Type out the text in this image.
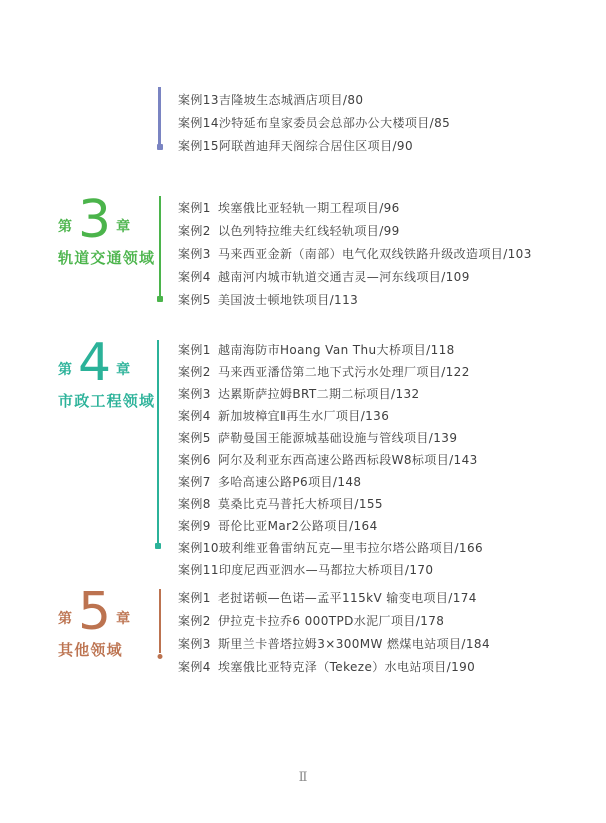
案例13 吉隆坡生态城酒店项目/80
案例14 沙特延布皇家委员会总部办公大楼项目/85
案例15 阿联酋迪拜天阁综合居住区项目/90
第 3 章
轨道交通领域
案例1 埃塞俄比亚轻轨一期工程项目/96
案例2 以色列特拉维夫红线轻轨项目/99
案例3 马来西亚金新（南部）电气化双线铁路升级改造项目/103
案例4 越南河内城市轨道交通吉灵—河东线项目/109
案例5 美国波士顿地铁项目/113
第 4 章
市政工程领域
案例1 越南海防市Hoang Van Thu大桥项目/118
案例2 马来西亚潘岱第二地下式污水处理厂项目/122
案例3 达累斯萨拉姆BRT二期二标项目/132
案例4 新加坡樟宜Ⅱ再生水厂项目/136
案例5 萨勒曼国王能源城基础设施与管线项目/139
案例6 阿尔及利亚东西高速公路西标段W8标项目/143
案例7 多哈高速公路P6项目/148
案例8 莫桑比克马普托大桥项目/155
案例9 哥伦比亚Mar2公路项目/164
案例10 玻利维亚鲁雷纳瓦克—里韦拉尔塔公路项目/166
案例11 印度尼西亚泗水—马都拉大桥项目/170
第 5 章
其他领域
案例1 老挝诺顿—色诺—孟平115kV 输变电项目/174
案例2 伊拉克卡拉乔6 000TPD水泥厂项目/178
案例3 斯里兰卡普塔拉姆3×300MW 燃煤电站项目/184
案例4 埃塞俄比亚特克泽（Tekeze）水电站项目/190
Ⅱ
